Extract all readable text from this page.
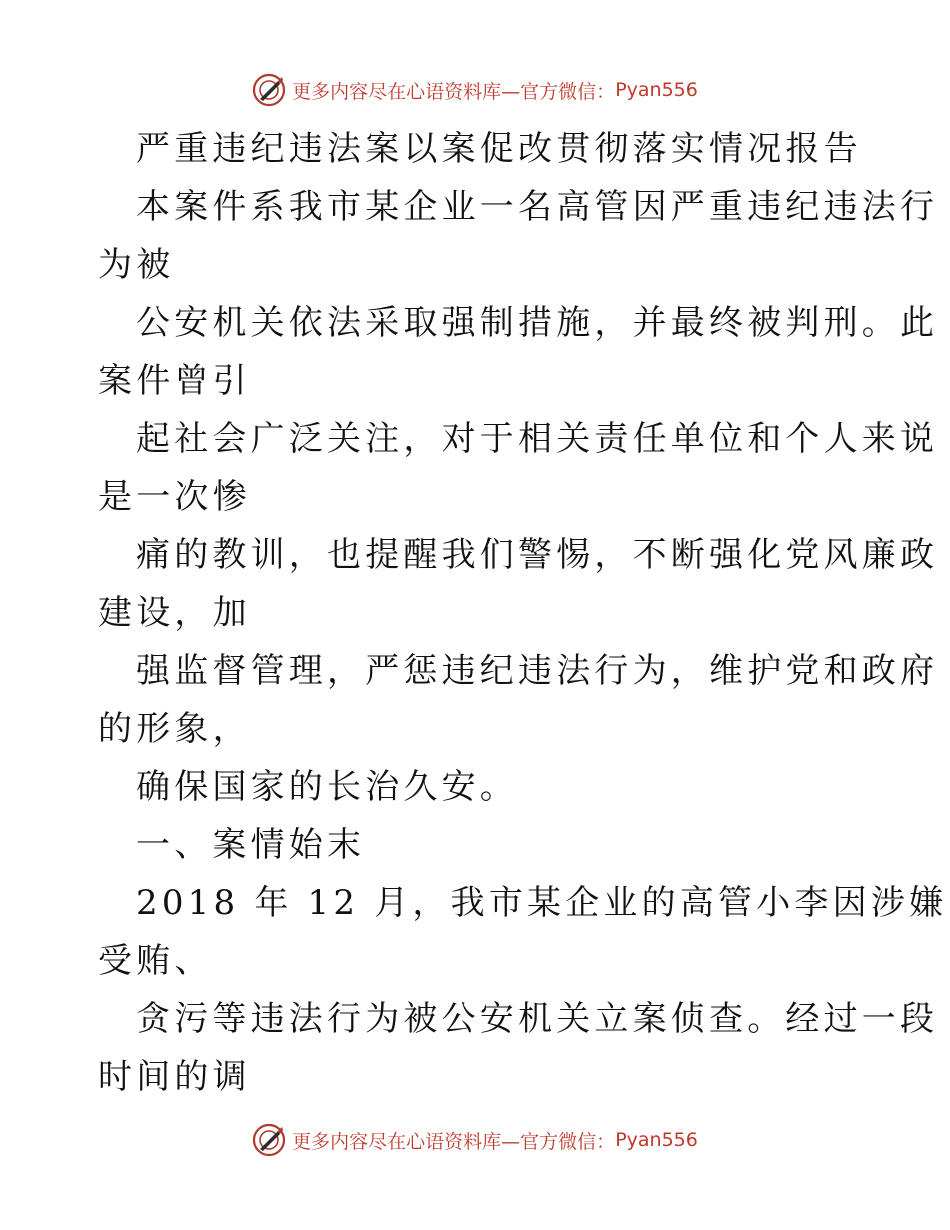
更多内容尽在心语资料库 —官方微信： Pyan556
严重违纪违法案以案促改贯彻落实情况报告
本案件系我市某企业一名高管因严重违纪违法行
为被
公安机关依法采取强制措施，并最终被判刑。此
案件曾引
起社会广泛关注，对于相关责任单位和个人来说
是一次惨
痛的教训，也提醒我们警惕，不断强化党风廉政
建设，加
强监督管理，严惩违纪违法行为，维护党和政府
的形象，
确保国家的长治久安。
一、案情始末
2018 年 12 月，我市某企业的高管小李因涉嫌
受贿、
贪污等违法行为被公安机关立案侦查。经过一段
时间的调
更多内容尽在心语资料库 —官方微信： Pyan556
